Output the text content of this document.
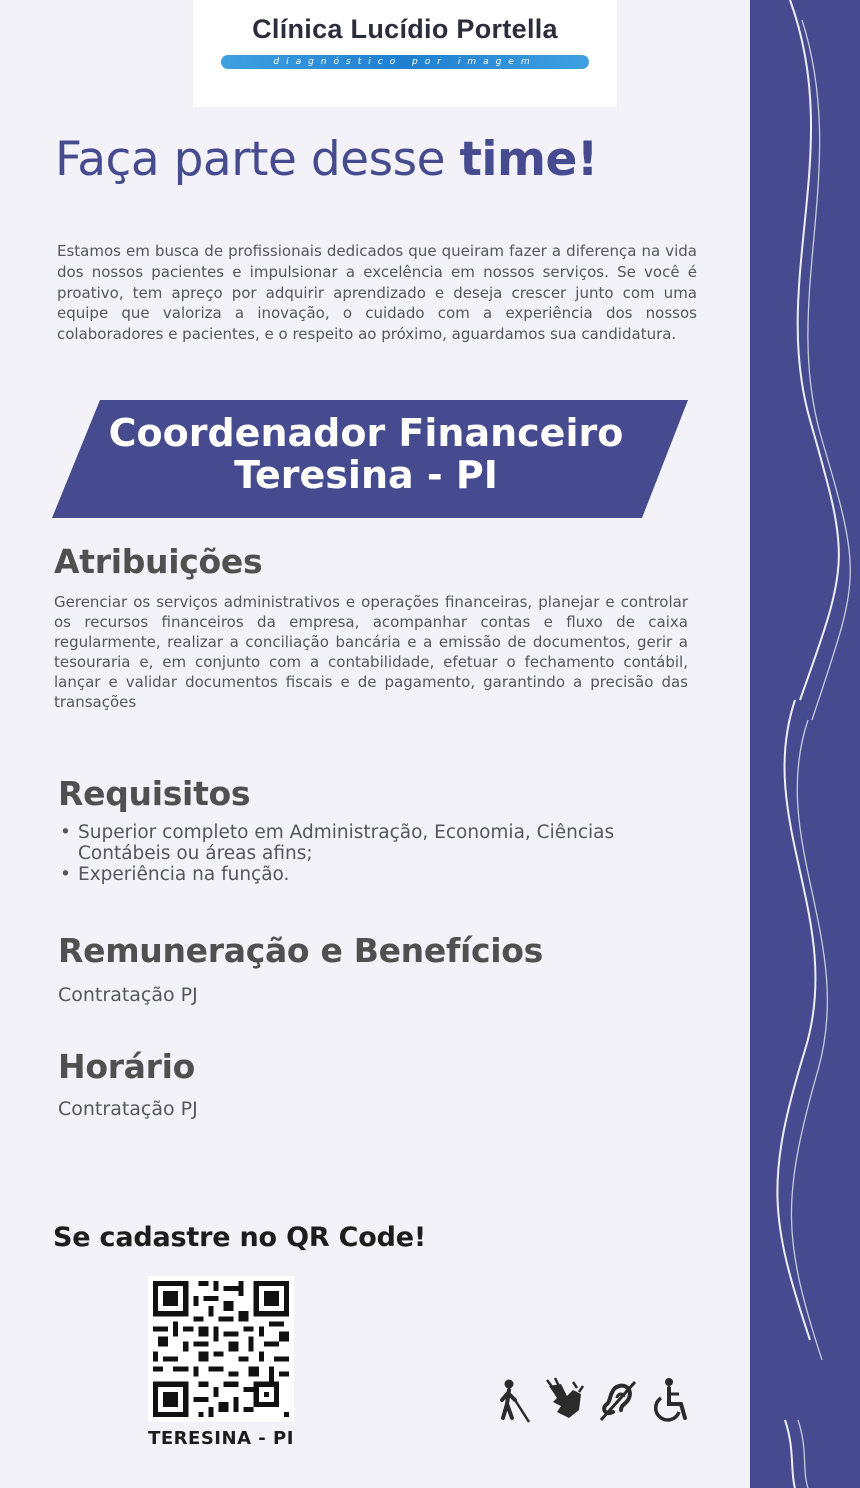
Clínica Lucídio Portella
diagnóstico por imagem
Faça parte desse time!
Estamos em busca de profissionais dedicados que queiram fazer a diferença na vida dos nossos pacientes e impulsionar a excelência em nossos serviços. Se você é proativo, tem apreço por adquirir aprendizado e deseja crescer junto com uma equipe que valoriza a inovação, o cuidado com a experiência dos nossos colaboradores e pacientes, e o respeito ao próximo, aguardamos sua candidatura.
Coordenador Financeiro
Teresina - PI
Atribuições
Gerenciar os serviços administrativos e operações financeiras, planejar e controlar os recursos financeiros da empresa, acompanhar contas e fluxo de caixa regularmente, realizar a conciliação bancária e a emissão de documentos, gerir a tesouraria e, em conjunto com a contabilidade, efetuar o fechamento contábil, lançar e validar documentos fiscais e de pagamento, garantindo a precisão das transações
Requisitos
• Superior completo em Administração, Economia, Ciências Contábeis ou áreas afins;
• Experiência na função.
Remuneração e Benefícios
Contratação PJ
Horário
Contratação PJ
Se cadastre no QR Code!
TERESINA - PI
